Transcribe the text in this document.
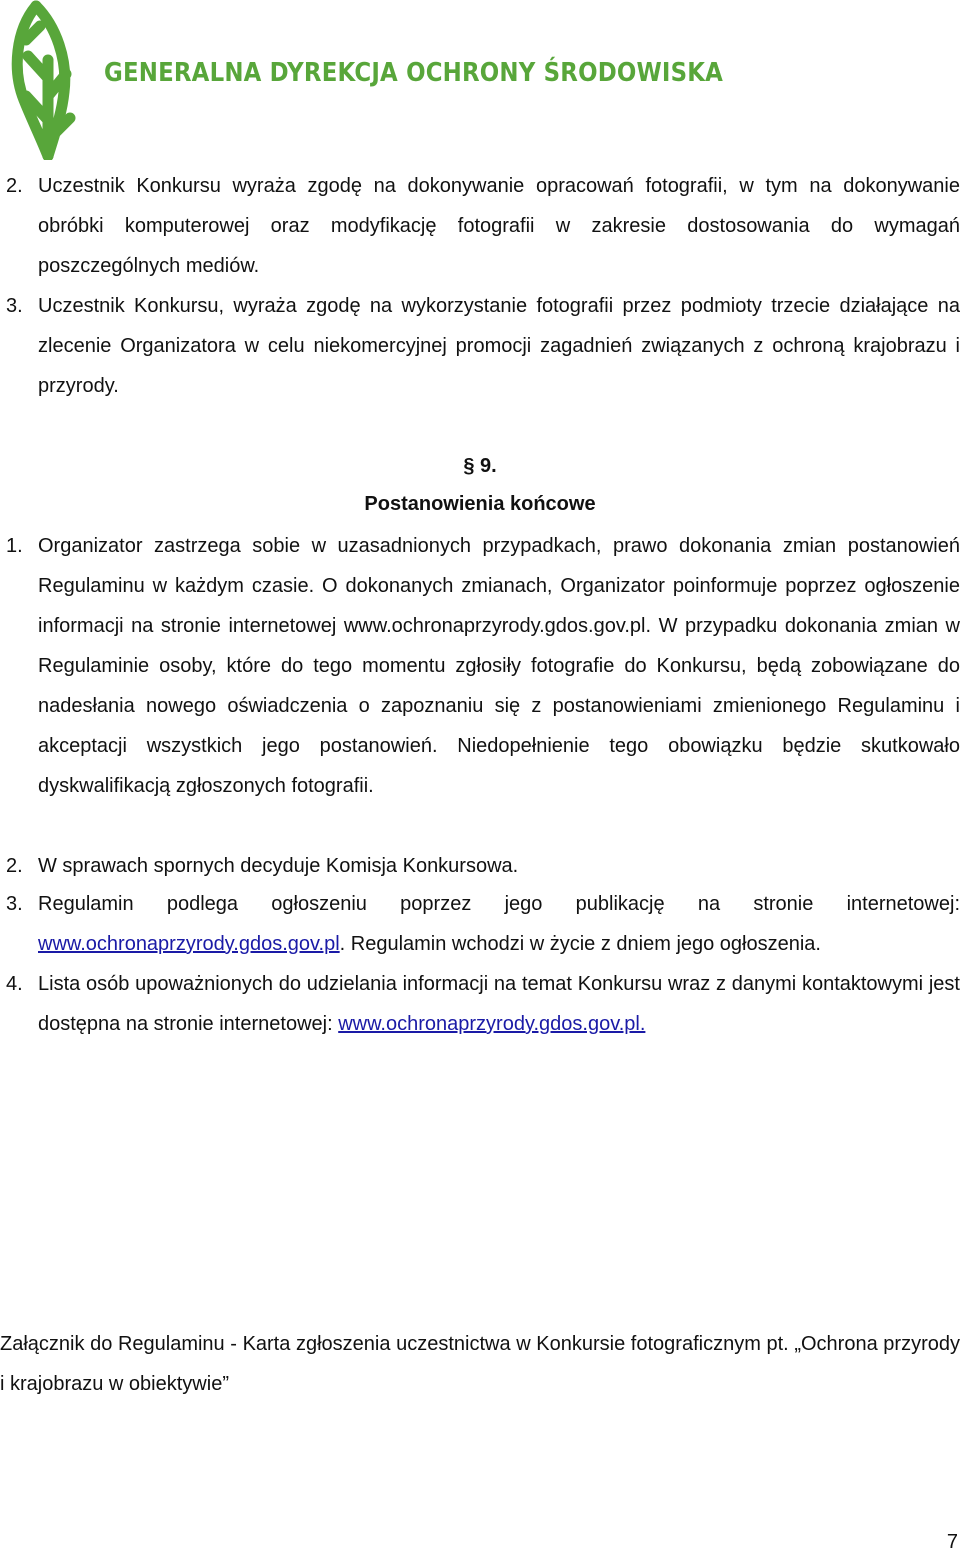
GENERALNA DYREKCJA OCHRONY ŚRODOWISKA
2. Uczestnik Konkursu wyraża zgodę na dokonywanie opracowań fotografii, w tym na dokonywanie obróbki komputerowej oraz modyfikację fotografii w zakresie dostosowania do wymagań poszczególnych mediów.
3. Uczestnik Konkursu, wyraża zgodę na wykorzystanie fotografii przez podmioty trzecie działające na zlecenie Organizatora w celu niekomercyjnej promocji zagadnień związanych z ochroną krajobrazu i przyrody.
§ 9.
Postanowienia końcowe
1. Organizator zastrzega sobie w uzasadnionych przypadkach, prawo dokonania zmian postanowień Regulaminu w każdym czasie. O dokonanych zmianach, Organizator poinformuje poprzez ogłoszenie informacji na stronie internetowej www.ochronaprzyrody.gdos.gov.pl. W przypadku dokonania zmian w Regulaminie osoby, które do tego momentu zgłosiły fotografie do Konkursu, będą zobowiązane do nadesłania nowego oświadczenia o zapoznaniu się z postanowieniami zmienionego Regulaminu i akceptacji wszystkich jego postanowień. Niedopełnienie tego obowiązku będzie skutkowało dyskwalifikacją zgłoszonych fotografii.
2. W sprawach spornych decyduje Komisja Konkursowa.
3. Regulamin podlega ogłoszeniu poprzez jego publikację na stronie internetowej: www.ochronaprzyrody.gdos.gov.pl. Regulamin wchodzi w życie z dniem jego ogłoszenia.
4. Lista osób upoważnionych do udzielania informacji na temat Konkursu wraz z danymi kontaktowymi jest dostępna na stronie internetowej: www.ochronaprzyrody.gdos.gov.pl.
Załącznik do Regulaminu - Karta zgłoszenia uczestnictwa w Konkursie fotograficznym pt. „Ochrona przyrody i krajobrazu w obiektywie”
7
